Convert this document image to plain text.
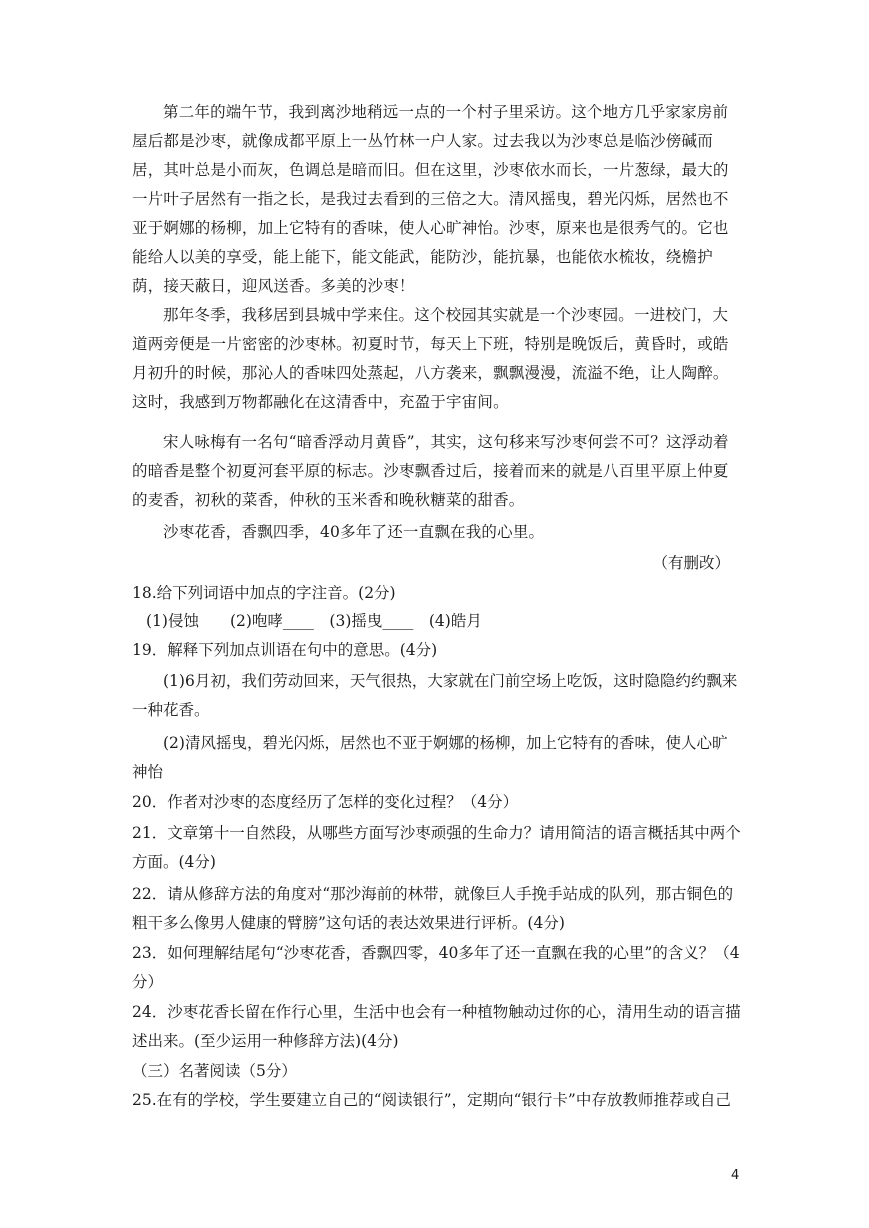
第二年的端午节，我到离沙地稍远一点的一个村子里采访。这个地方几乎家家房前屋后都是沙枣，就像成都平原上一丛竹林一户人家。过去我以为沙枣总是临沙傍碱而居，其叶总是小而灰，色调总是暗而旧。但在这里，沙枣依水而长，一片葱绿，最大的一片叶子居然有一指之长，是我过去看到的三倍之大。清风摇曳，碧光闪烁，居然也不亚于婀娜的杨柳，加上它特有的香味，使人心旷神怡。沙枣，原来也是很秀气的。它也能给人以美的享受，能上能下，能文能武，能防沙，能抗暴，也能依水梳妆，绕檐护荫，接天蔽日，迎风送香。多美的沙枣！

那年冬季，我移居到县城中学来住。这个校园其实就是一个沙枣园。一进校门，大道两旁便是一片密密的沙枣林。初夏时节，每天上下班，特别是晚饭后，黄昏时，或皓月初升的时候，那沁人的香味四处蒸起，八方袭来，飘飘漫漫，流溢不绝，让人陶醉。这时，我感到万物都融化在这清香中，充盈于宇宙间。

宋人咏梅有一名句“暗香浮动月黄昏”，其实，这句移来写沙枣何尝不可？这浮动着的暗香是整个初夏河套平原的标志。沙枣飘香过后，接着而来的就是八百里平原上仲夏的麦香，初秋的菜香，仲秋的玉米香和晚秋糖菜的甜香。

沙枣花香，香飘四季，40多年了还一直飘在我的心里。

（有删改）

18.给下列词语中加点的字注音。(2分)

(1)侵蚀　　(2)咆哮____　(3)摇曳____　(4)皓月

19．解释下列加点训语在句中的意思。(4分)

(1)6月初，我们劳动回来，天气很热，大家就在门前空场上吃饭，这时隐隐约约飘来一种花香。

(2)清风摇曳，碧光闪烁，居然也不亚于婀娜的杨柳，加上它特有的香味，使人心旷神怡

20．作者对沙枣的态度经历了怎样的变化过程？（4分）

21．文章第十一自然段，从哪些方面写沙枣顽强的生命力？请用简洁的语言概括其中两个方面。(4分)

22．请从修辞方法的角度对“那沙海前的林带，就像巨人手挽手站成的队列，那古铜色的粗干多么像男人健康的臂膀”这句话的表达效果进行评析。(4分)

23．如何理解结尾句“沙枣花香，香飘四零，40多年了还一直飘在我的心里”的含义？（4分）

24．沙枣花香长留在作行心里，生活中也会有一种植物触动过你的心，清用生动的语言描述出来。(至少运用一种修辞方法)(4分)

（三）名著阅读（5分）

25.在有的学校，学生要建立自己的“阅读银行”，定期向“银行卡”中存放教师推荐或自己

4
